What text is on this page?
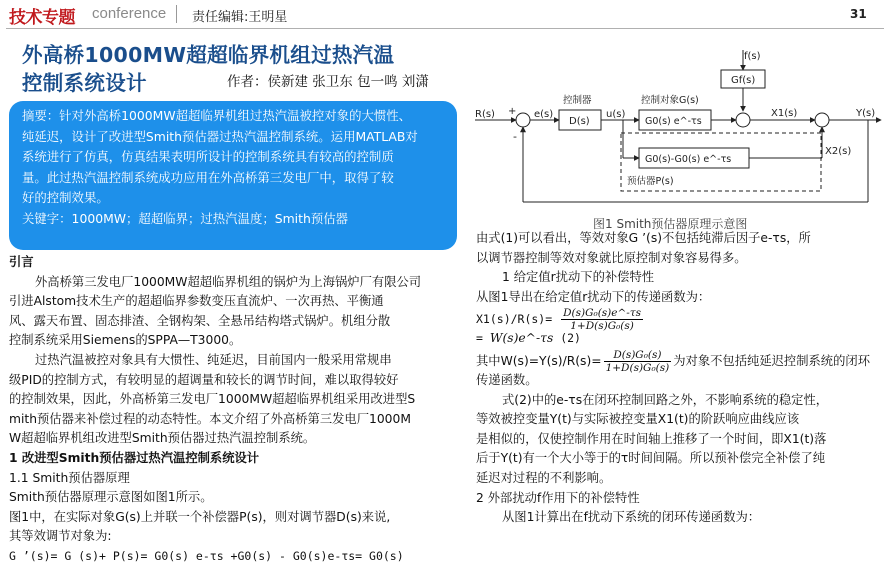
技术专题 conference 责任编辑:王明星	31
外高桥1000MW超超临界机组过热汽温
控制系统设计	作者：侯新建 张卫东 包一鸣 刘潇

摘要：针对外高桥1000MW超超临界机组过热汽温被控对象的大惯性、

纯延迟，设计了改进型Smith预估器过热汽温控制系统。运用MATLAB对

系统进行了仿真，仿真结果表明所设计的控制系统具有较高的控制质

量。此过热汽温控制系统成功应用在外高桥第三发电厂中，取得了较

好的控制效果。

关键字：1000MW；超超临界；过热汽温度；Smith预估器

引言

外高桥第三发电厂1000MW超超临界机组的锅炉为上海锅炉厂有限公司

引进Alstom技术生产的超超临界参数变压直流炉、一次再热、平衡通

风、露天布置、固态排渣、全钢构架、全悬吊结构塔式锅炉。机组分散

控制系统采用Siemens的SPPA—T3000。

过热汽温被控对象具有大惯性、纯延迟，目前国内一般采用常规串

级PID的控制方式，有较明显的超调量和较长的调节时间，难以取得较好

的控制效果，因此，外高桥第三发电厂1000MW超超临界机组采用改进型S

mith预估器来补偿过程的动态特性。本文介绍了外高桥第三发电厂1000M

W超超临界机组改进型Smith预估器过热汽温控制系统。

1 改进型Smith预估器过热汽温控制系统设计

1.1 Smith预估器原理

Smith预估器原理示意图如图1所示。

图1中，在实际对象G(s)上并联一个补偿器P(s)，则对调节器D(s)来说,

其等效调节对象为:

G ’(s)= G (s)+ P(s)= G0(s) e-τs +G0(s) - G0(s)e-τs= G0(s)

f(s)
Gf(s)
R(s)	e(s)
控制器
D(s)
u(s)
控制对象G(s)
G0(s) e^-τs
X1(s)	Y(s)
G0(s)-G0(s) e^-τs
X2(s)
预估器P(s)
-
+
图1 Smith预估器原理示意图

由式(1)可以看出，等效对象G ’(s)不包括纯滞后因子e-τs，所

以调节器控制等效对象就比原控制对象容易得多。

1 给定值r扰动下的补偿特性

从图1导出在给定值r扰动下的传递函数为：

$X1(s)/R(s)= \frac{\text{D(s)G₀(s)e\textasciicircum{}-τs}}{\text{1+D(s)G₀(s)}}$

= W(s)e^-τs (2)

其中$W(s)=Y(s)/R(s)= \frac{\text{D(s)G₀(s)}}{\text{1+D(s)G₀(s)}}$ 为对象不包括纯延迟控制系统的闭环

传递函数。

式(2)中的e-τs在闭环控制回路之外，不影响系统的稳定性，

等效被控变量Y(t)与实际被控变量X1(t)的阶跃响应曲线应该

是相似的，仅使控制作用在时间轴上推移了一个时间，即X1(t)落

后于Y(t)有一个大小等于的τ时间间隔。所以预补偿完全补偿了纯

延迟对过程的不利影响。

2 外部扰动f作用下的补偿特性

从图1计算出在f扰动下系统的闭环传递函数为：
